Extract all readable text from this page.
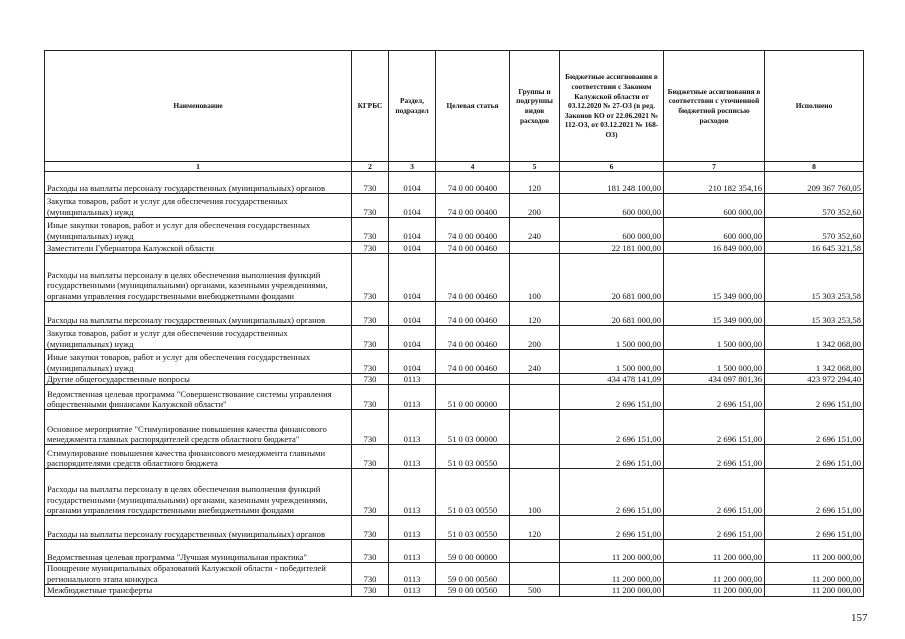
Наименование	КГРБС	Раздел, подраздел	Целевая статья	Группы и подгруппы видов расходов	Бюджетные ассигнования в соответствии с Законом Калужской области от 03.12.2020 № 27-ОЗ (в ред. Законов КО от 22.06.2021 № 112-ОЗ, от 03.12.2021 № 168-ОЗ)	Бюджетные ассигнования в соответствии с уточненной бюджетной росписью расходов	Исполнено
1	2	3	4	5	6	7	8
Расходы на выплаты персоналу государственных (муниципальных) органов	730	0104	74 0 00 00400	120	181 248 100,00	210 182 354,16	209 367 760,05
Закупка товаров, работ и услуг для обеспечения государственных (муниципальных) нужд	730	0104	74 0 00 00400	200	600 000,00	600 000,00	570 352,60
Иные закупки товаров, работ и услуг для обеспечения государственных (муниципальных) нужд	730	0104	74 0 00 00400	240	600 000,00	600 000,00	570 352,60
Заместители Губернатора Калужской области	730	0104	74 0 00 00460		22 181 000,00	16 849 000,00	16 645 321,58
Расходы на выплаты персоналу в целях обеспечения выполнения функций государственными (муниципальными) органами, казенными учреждениями, органами управления государственными внебюджетными фондами	730	0104	74 0 00 00460	100	20 681 000,00	15 349 000,00	15 303 253,58
Расходы на выплаты персоналу государственных (муниципальных) органов	730	0104	74 0 00 00460	120	20 681 000,00	15 349 000,00	15 303 253,58
Закупка товаров, работ и услуг для обеспечения государственных (муниципальных) нужд	730	0104	74 0 00 00460	200	1 500 000,00	1 500 000,00	1 342 068,00
Иные закупки товаров, работ и услуг для обеспечения государственных (муниципальных) нужд	730	0104	74 0 00 00460	240	1 500 000,00	1 500 000,00	1 342 068,00
Другие общегосударственные вопросы	730	0113			434 478 141,09	434 097 801,36	423 972 294,40
Ведомственная целевая программа "Совершенствование системы управления общественными финансами Калужской области"	730	0113	51 0 00 00000		2 696 151,00	2 696 151,00	2 696 151,00
Основное мероприятие "Стимулирование повышения качества финансового менеджмента главных распорядителей средств областного бюджета"	730	0113	51 0 03 00000		2 696 151,00	2 696 151,00	2 696 151,00
Стимулирование повышения качества финансового менеджмента главными распорядителями средств областного бюджета	730	0113	51 0 03 00550		2 696 151,00	2 696 151,00	2 696 151,00
Расходы на выплаты персоналу в целях обеспечения выполнения функций государственными (муниципальными) органами, казенными учреждениями, органами управления государственными внебюджетными фондами	730	0113	51 0 03 00550	100	2 696 151,00	2 696 151,00	2 696 151,00
Расходы на выплаты персоналу государственных (муниципальных) органов	730	0113	51 0 03 00550	120	2 696 151,00	2 696 151,00	2 696 151,00
Ведомственная целевая программа "Лучшая муниципальная практика"	730	0113	59 0 00 00000		11 200 000,00	11 200 000,00	11 200 000,00
Поощрение муниципальных образований Калужской области - победителей регионального этапа конкурса	730	0113	59 0 00 00560		11 200 000,00	11 200 000,00	11 200 000,00
Межбюджетные трансферты	730	0113	59 0 00 00560	500	11 200 000,00	11 200 000,00	11 200 000,00
157
